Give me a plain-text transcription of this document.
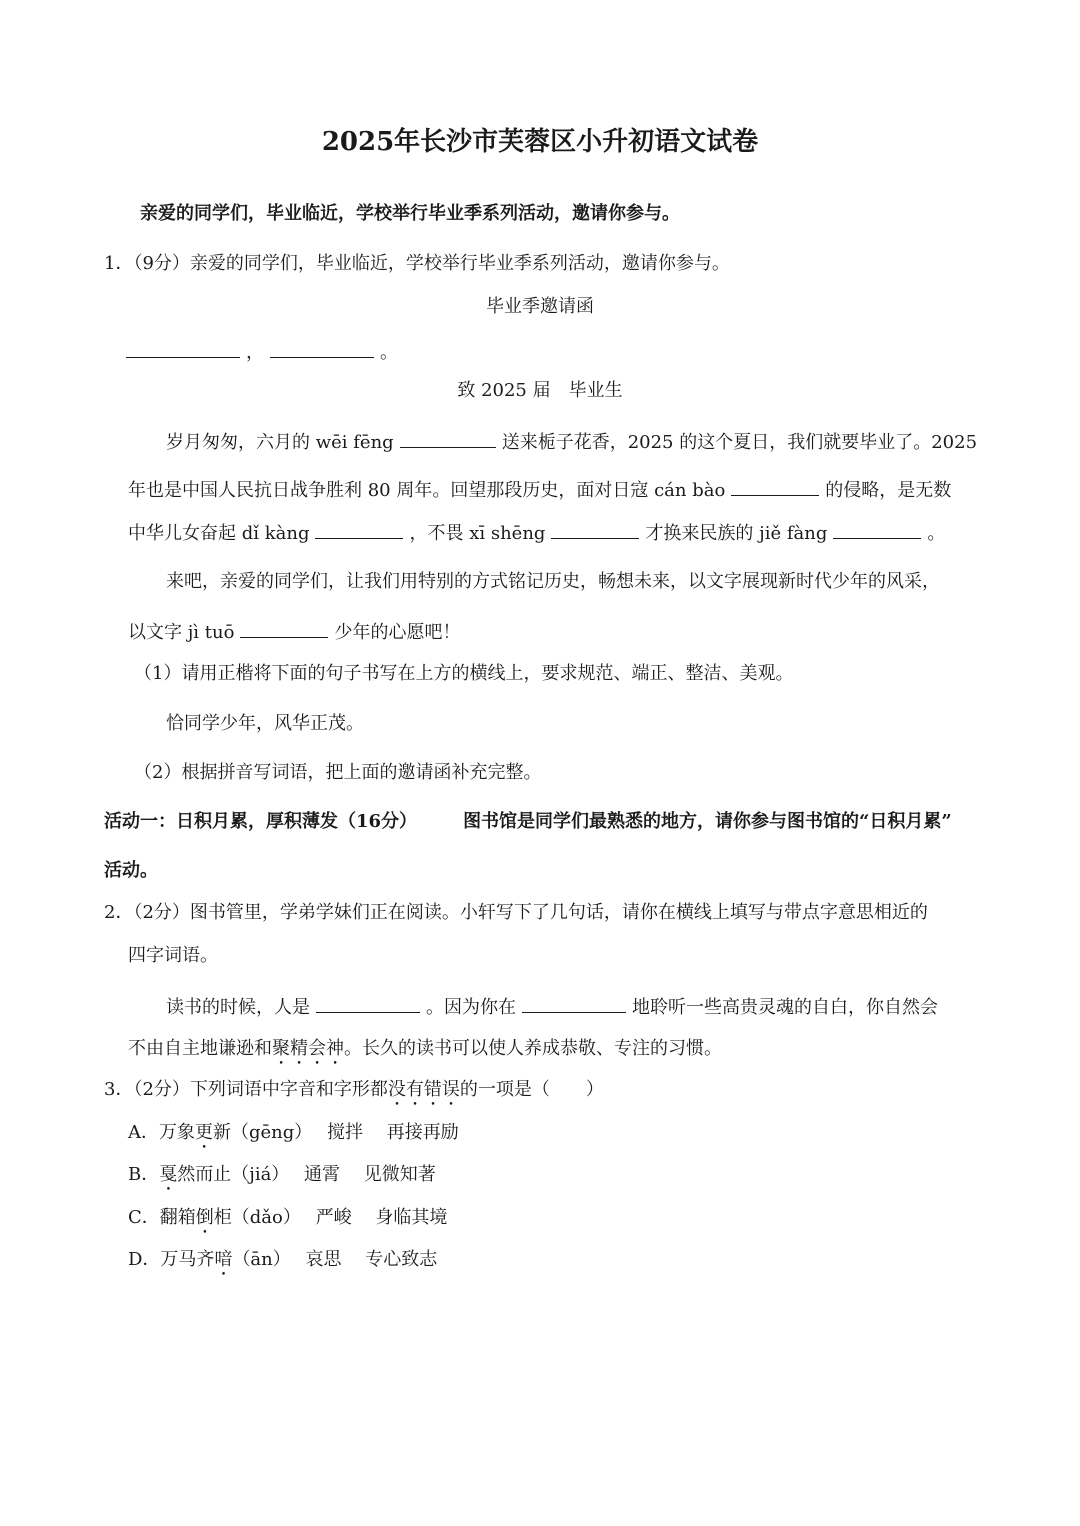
2025年长沙市芙蓉区小升初语文试卷
亲爱的同学们，毕业临近，学校举行毕业季系列活动，邀请你参与。
1．（9分）亲爱的同学们，毕业临近，学校举行毕业季系列活动，邀请你参与。
毕业季邀请函
，	。
致 2025 届　毕业生
岁月匆匆，六月的 wēi fēng	送来栀子花香，2025 的这个夏日，我们就要毕业了。2025
年也是中国人民抗日战争胜利 80 周年。回望那段历史，面对日寇 cán bào	的侵略，是无数
中华儿女奋起 dǐ kàng	，不畏 xī shēng	才换来民族的 jiě fàng	。
来吧，亲爱的同学们，让我们用特别的方式铭记历史，畅想未来，以文字展现新时代少年的风采，
以文字 jì tuō	少年的心愿吧！
（1）请用正楷将下面的句子书写在上方的横线上，要求规范、端正、整洁、美观。
恰同学少年，风华正茂。
（2）根据拼音写词语，把上面的邀请函补充完整。
活动一：日积月累，厚积薄发（16分）	图书馆是同学们最熟悉的地方，请你参与图书馆的“日积月累”
活动。
2．（2分）图书管里，学弟学妹们正在阅读。小轩写下了几句话，请你在横线上填写与带点字意思相近的
四字词语。
读书的时候，人是	。因为你在	地聆听一些高贵灵魂的自白，你自然会
不由自主地谦逊和聚精会神。长久的读书可以使人养成恭敬、专注的习惯。
3．（2分）下列词语中字音和字形都没有错误的一项是（　　）
A．万象更新（gēng）　 搅拌　 再接再励
B．戛然而止（jiá）　 通霄　 见微知著
C．翻箱倒柜（dǎo）　 严峻　 身临其境
D．万马齐喑（ān）　 哀思　 专心致志
